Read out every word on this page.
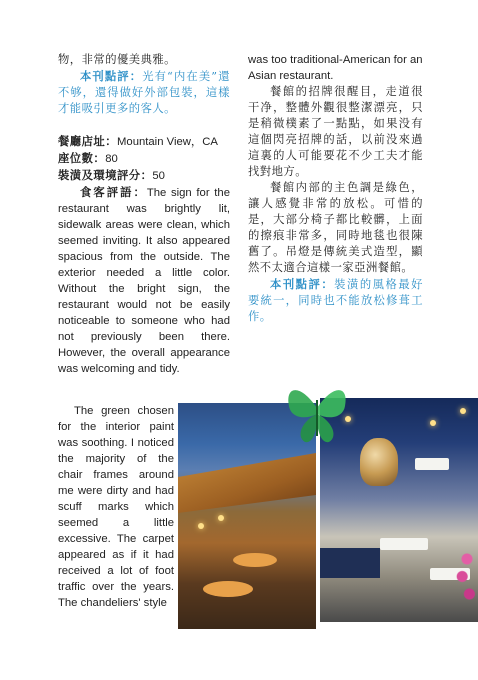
物，非常的優美典雅。

本刊點評：光有“内在美”還不够，還得做好外部包裝，這樣才能吸引更多的客人。

餐廳店址：Mountain View，CA

座位數：80

裝潢及環境評分：50

食客評語：The sign for the restaurant was brightly lit, sidewalk areas were clean, which seemed inviting. It also appeared spacious from the outside. The exterior needed a little color. Without the bright sign, the restaurant would not be easily noticeable to someone who had not previously been there. However, the overall appearance was welcoming and tidy.

The green chosen for the interior paint was soothing. I noticed the majority of the chair frames around me were dirty and had scuff marks which seemed a little excessive. The carpet appeared as if it had received a lot of foot traffic over the years. The chandeliers' style

was too traditional-American for an Asian restaurant.

餐館的招牌很醒目，走道很干净，整體外觀很整潔漂亮，只是稍微樸素了一點點，如果没有這個閃亮招牌的話，以前没來過這裏的人可能要花不少工夫才能找對地方。

餐館内部的主色調是綠色，讓人感覺非常的放松。可惜的是，大部分椅子都比較髒，上面的擦痕非常多，同時地毯也很陳舊了。吊燈是傳統美式造型，顯然不太適合這樣一家亞洲餐館。

本刊點評：裝潢的風格最好要統一，同時也不能放松修葺工作。
